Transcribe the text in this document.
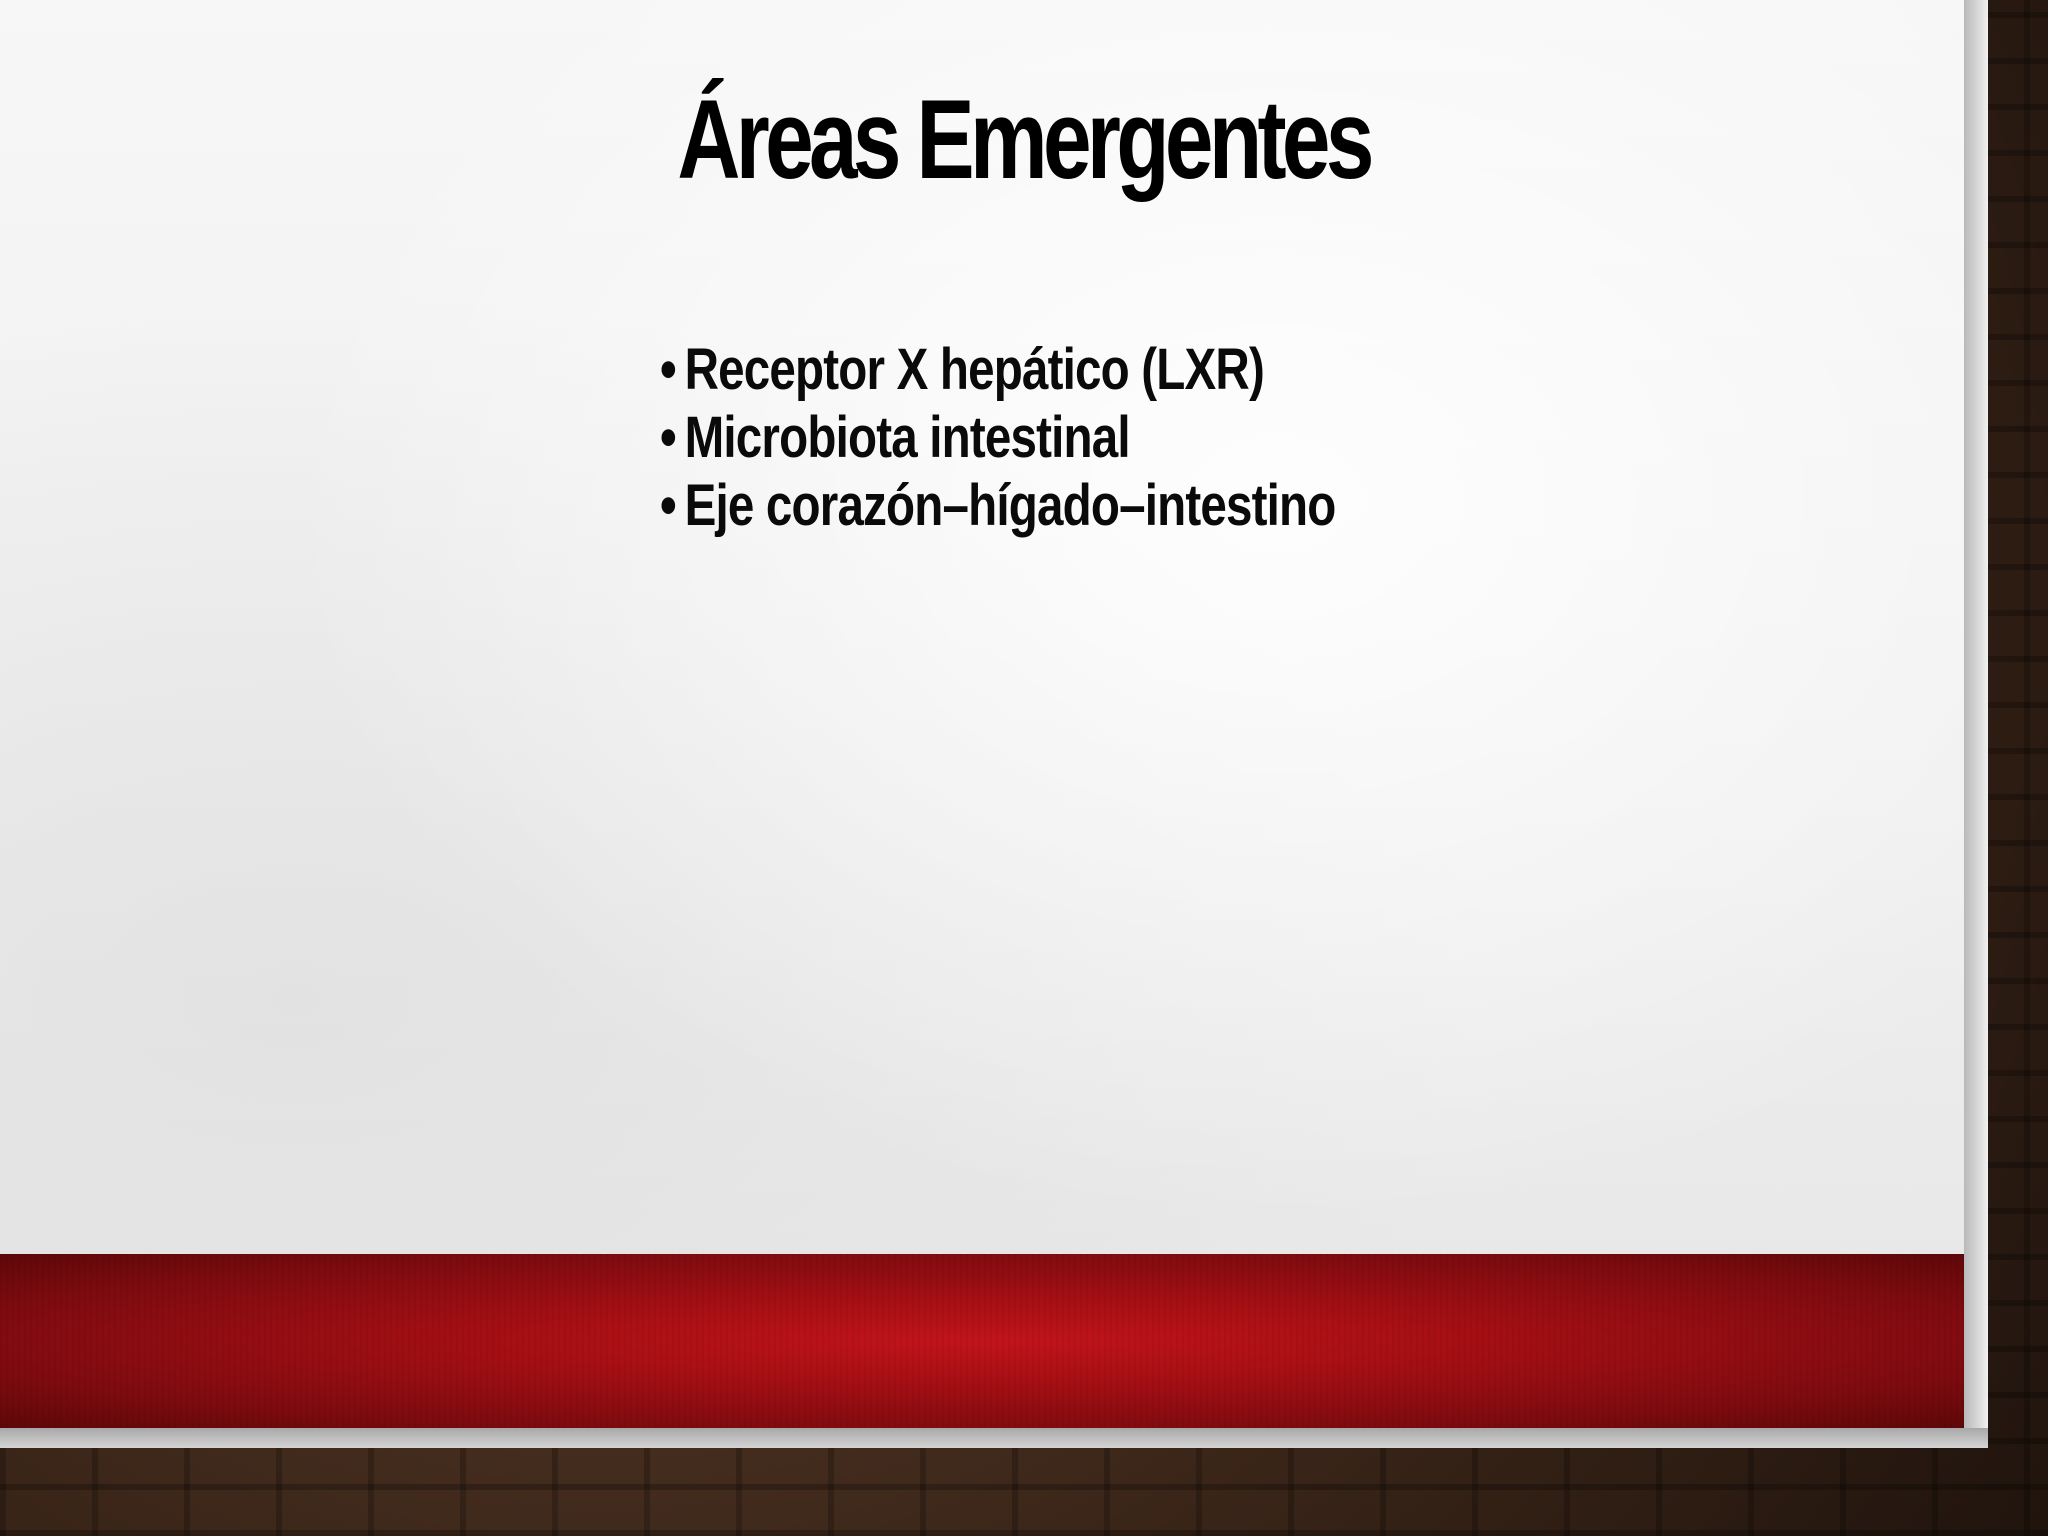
Áreas Emergentes
• Receptor X hepático (LXR)
• Microbiota intestinal
• Eje corazón–hígado–intestino
